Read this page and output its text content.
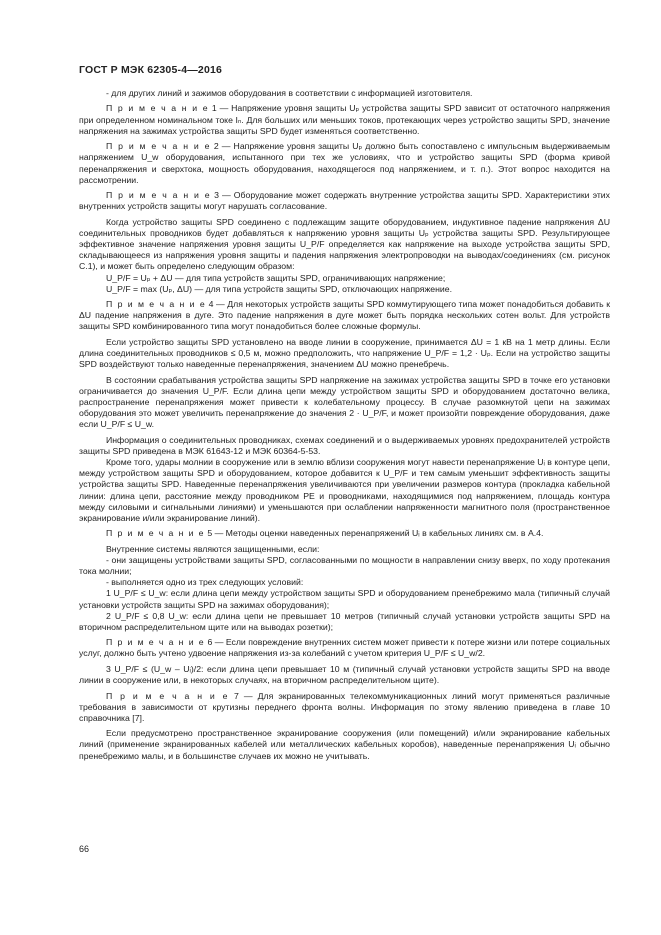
ГОСТ Р МЭК 62305-4—2016

- для других линий и зажимов оборудования в соответствии с информацией изготовителя.

П р и м е ч а н и е 1 — Напряжение уровня защиты Uₚ устройства защиты SPD зависит от остаточного напряжения при определенном номинальном токе Iₙ. Для больших или меньших токов, протекающих через устройство защиты SPD, значение напряжения на зажимах устройства защиты SPD будет изменяться соответственно.

П р и м е ч а н и е 2 — Напряжение уровня защиты Uₚ должно быть сопоставлено с импульсным выдерживаемым напряжением U_w оборудования, испытанного при тех же условиях, что и устройство защиты SPD (форма кривой перенапряжения и сверхтока, мощность оборудования, находящегося под напряжением, и т. п.). Этот вопрос находится на рассмотрении.

П р и м е ч а н и е 3 — Оборудование может содержать внутренние устройства защиты SPD. Характеристики этих внутренних устройств защиты могут нарушать согласование.

Когда устройство защиты SPD соединено с подлежащим защите оборудованием, индуктивное падение напряжения ΔU соединительных проводников будет добавляться к напряжению уровня защиты Uₚ устройства защиты SPD. Результирующее эффективное значение напряжения уровня защиты U_P/F определяется как напряжение на выходе устройства защиты SPD, складывающееся из напряжения уровня защиты и падения напряжения электропроводки на выводах/соединениях (см. рисунок С.1), и может быть определено следующим образом:

U_P/F = Uₚ + ΔU — для типа устройств защиты SPD, ограничивающих напряжение;

U_P/F = max (Uₚ, ΔU) — для типа устройств защиты SPD, отключающих напряжение.

П р и м е ч а н и е 4 — Для некоторых устройств защиты SPD коммутирующего типа может понадобиться добавить к ΔU падение напряжения в дуге. Это падение напряжения в дуге может быть порядка нескольких сотен вольт. Для устройств защиты SPD комбинированного типа могут понадобиться более сложные формулы.

Если устройство защиты SPD установлено на вводе линии в сооружение, принимается ΔU = 1 кВ на 1 метр длины. Если длина соединительных проводников ≤ 0,5 м, можно предположить, что напряжение U_P/F = 1,2 · Uₚ. Если на устройство защиты SPD воздействуют только наведенные перенапряжения, значением ΔU можно пренебречь.

В состоянии срабатывания устройства защиты SPD напряжение на зажимах устройства защиты SPD в точке его установки ограничивается до значения U_P/F. Если длина цепи между устройством защиты SPD и оборудованием достаточно велика, распространение перенапряжения может привести к колебательному процессу. В случае разомкнутой цепи на зажимах оборудования это может увеличить перенапряжение до значения 2 · U_P/F, и может произойти повреждение оборудования, даже если U_P/F ≤ U_w.

Информация о соединительных проводниках, схемах соединений и о выдерживаемых уровнях предохранителей устройств защиты SPD приведена в МЭК 61643-12 и МЭК 60364-5-53.

Кроме того, удары молнии в сооружение или в землю вблизи сооружения могут навести перенапряжение Uᵢ в контуре цепи, между устройством защиты SPD и оборудованием, которое добавится к U_P/F и тем самым уменьшит эффективность защиты устройства защиты SPD. Наведенные перенапряжения увеличиваются при увеличении размеров контура (прокладка кабельной линии: длина цепи, расстояние между проводником PE и проводниками, находящимися под напряжением, площадь контура между силовыми и сигнальными линиями) и уменьшаются при ослаблении напряженности магнитного поля (пространственное экранирование и/или экранирование линий).

П р и м е ч а н и е 5 — Методы оценки наведенных перенапряжений Uᵢ в кабельных линиях см. в А.4.

Внутренние системы являются защищенными, если:

- они защищены устройствами защиты SPD, согласованными по мощности в направлении снизу вверх, по ходу протекания тока молнии;

- выполняется одно из трех следующих условий:

1 U_P/F ≤ U_w: если длина цепи между устройством защиты SPD и оборудованием пренебрежимо мала (типичный случай установки устройств защиты SPD на зажимах оборудования);

2 U_P/F ≤ 0,8 U_w: если длина цепи не превышает 10 метров (типичный случай установки устройств защиты SPD на вторичном распределительном щите или на выводах розетки);

П р и м е ч а н и е 6 — Если повреждение внутренних систем может привести к потере жизни или потере социальных услуг, должно быть учтено удвоение напряжения из-за колебаний с учетом критерия U_P/F ≤ U_w/2.

3 U_P/F ≤ (U_w – Uᵢ)/2: если длина цепи превышает 10 м (типичный случай установки устройств защиты SPD на вводе линии в сооружение или, в некоторых случаях, на вторичном распределительном щите).

П р и м е ч а н и е 7 — Для экранированных телекоммуникационных линий могут применяться различные требования в зависимости от крутизны переднего фронта волны. Информация по этому явлению приведена в главе 10 справочника [7].

Если предусмотрено пространственное экранирование сооружения (или помещений) и/или экранирование кабельных линий (применение экранированных кабелей или металлических кабельных коробов), наведенные перенапряжения Uᵢ обычно пренебрежимо малы, и в большинстве случаев их можно не учитывать.

66
